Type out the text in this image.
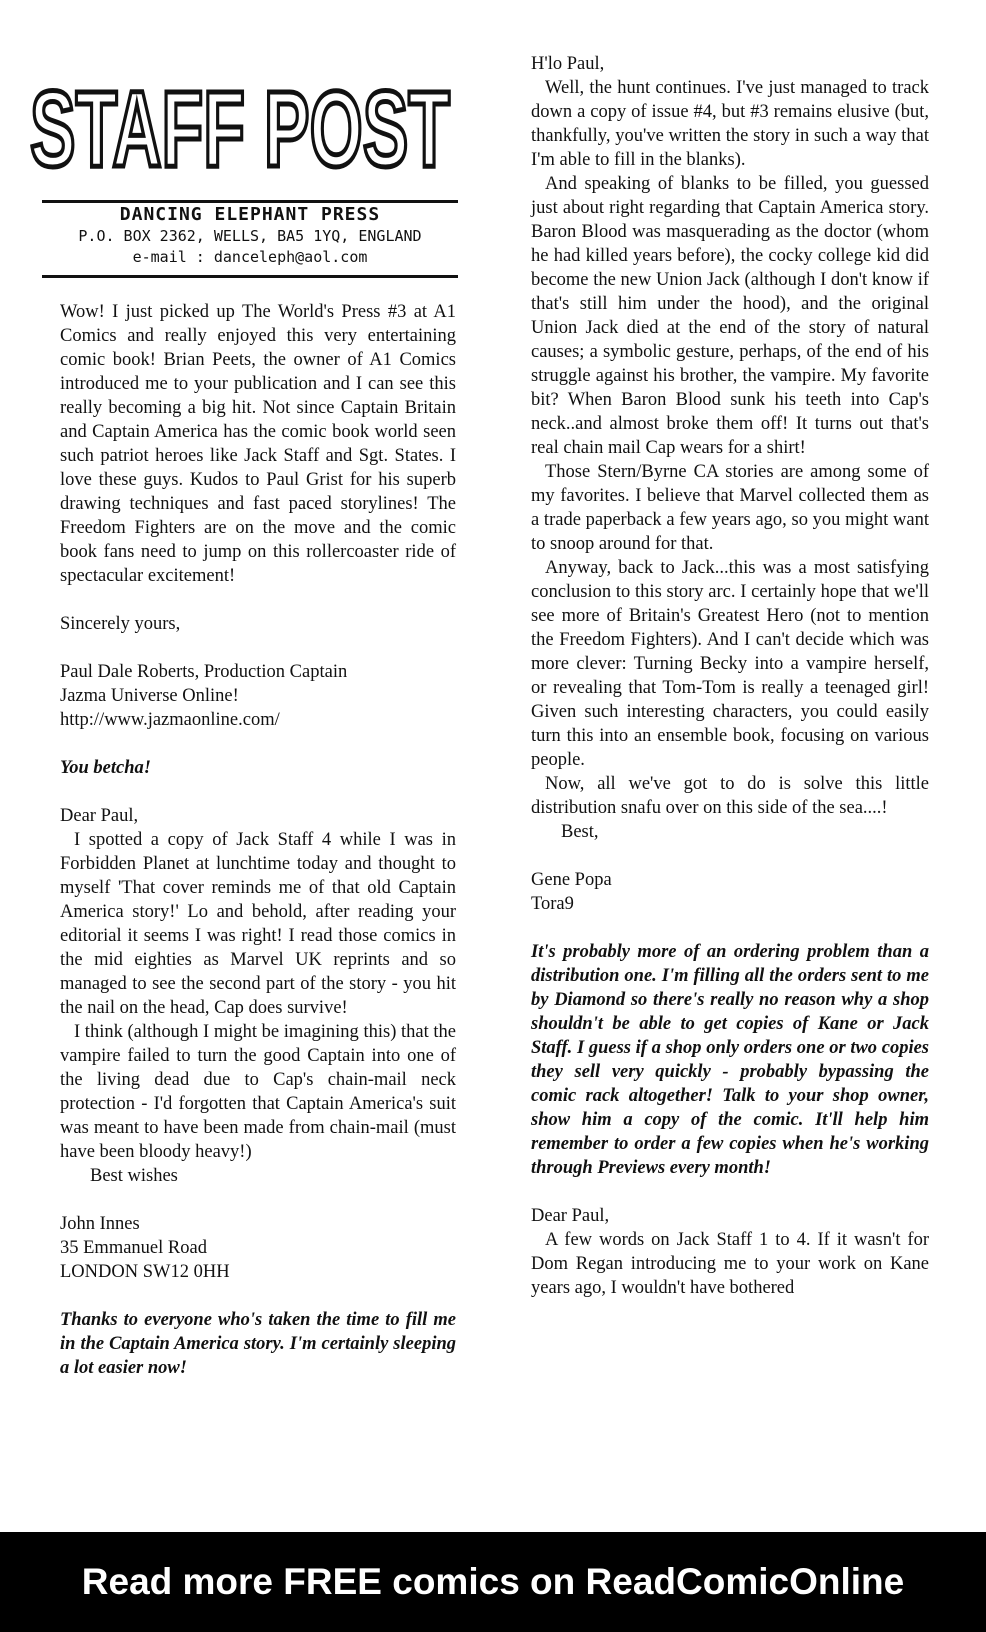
STAFF POST
DANCING ELEPHANT PRESS
P.O. BOX 2362, WELLS, BA5 1YQ, ENGLAND
e-mail : danceleph@aol.com

Wow! I just picked up The World's Press #3 at A1 Comics and really enjoyed this very entertaining comic book! Brian Peets, the owner of A1 Comics introduced me to your publication and I can see this really becoming a big hit. Not since Captain Britain and Captain America has the comic book world seen such patriot heroes like Jack Staff and Sgt. States. I love these guys. Kudos to Paul Grist for his superb drawing techniques and fast paced storylines! The Freedom Fighters are on the move and the comic book fans need to jump on this rollercoaster ride of spectacular excitement!

Sincerely yours,

Paul Dale Roberts, Production Captain
Jazma Universe Online!
http://www.jazmaonline.com/

You betcha!

Dear Paul,

I spotted a copy of Jack Staff 4 while I was in Forbidden Planet at lunchtime today and thought to myself 'That cover reminds me of that old Captain America story!' Lo and behold, after reading your editorial it seems I was right! I read those comics in the mid eighties as Marvel UK reprints and so managed to see the second part of the story - you hit the nail on the head, Cap does survive!

I think (although I might be imagining this) that the vampire failed to turn the good Captain into one of the living dead due to Cap's chain-mail neck protection - I'd forgotten that Captain America's suit was meant to have been made from chain-mail (must have been bloody heavy!)

Best wishes

John Innes
35 Emmanuel Road
LONDON SW12 0HH

Thanks to everyone who's taken the time to fill me in the Captain America story. I'm certainly sleeping a lot easier now!

H'lo Paul,

Well, the hunt continues. I've just managed to track down a copy of issue #4, but #3 remains elusive (but, thankfully, you've written the story in such a way that I'm able to fill in the blanks).

And speaking of blanks to be filled, you guessed just about right regarding that Captain America story. Baron Blood was masquerading as the doctor (whom he had killed years before), the cocky college kid did become the new Union Jack (although I don't know if that's still him under the hood), and the original Union Jack died at the end of the story of natural causes; a symbolic gesture, perhaps, of the end of his struggle against his brother, the vampire. My favorite bit? When Baron Blood sunk his teeth into Cap's neck..and almost broke them off! It turns out that's real chain mail Cap wears for a shirt!

Those Stern/Byrne CA stories are among some of my favorites. I believe that Marvel collected them as a trade paperback a few years ago, so you might want to snoop around for that.

Anyway, back to Jack...this was a most satisfying conclusion to this story arc. I certainly hope that we'll see more of Britain's Greatest Hero (not to mention the Freedom Fighters). And I can't decide which was more clever: Turning Becky into a vampire herself, or revealing that Tom-Tom is really a teenaged girl! Given such interesting characters, you could easily turn this into an ensemble book, focusing on various people.

Now, all we've got to do is solve this little distribution snafu over on this side of the sea....!

Best,

Gene Popa
Tora9

It's probably more of an ordering problem than a distribution one. I'm filling all the orders sent to me by Diamond so there's really no reason why a shop shouldn't be able to get copies of Kane or Jack Staff. I guess if a shop only orders one or two copies they sell very quickly - probably bypassing the comic rack altogether! Talk to your shop owner, show him a copy of the comic. It'll help him remember to order a few copies when he's working through Previews every month!

Dear Paul,

A few words on Jack Staff 1 to 4. If it wasn't for Dom Regan introducing me to your work on Kane years ago, I wouldn't have bothered

Read more FREE comics on ReadComicOnline
